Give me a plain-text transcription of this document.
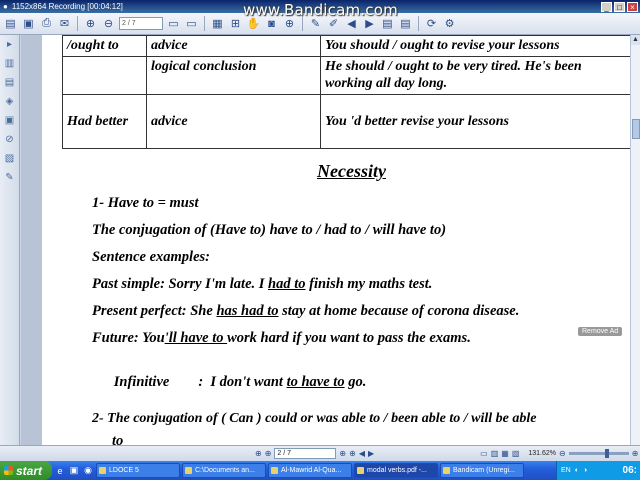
● 1152x864 Recording [00:04:12]	_	□	×
▤ ▣ ⎙ ✉ ⊕ ⊖	2 / 7	▭ ▭ ▦ ⊞ ✋ ◙ ⊕ ✎ ✐ ◀ ▶ ▤ ▤ ⟳ ⚙
www.Bandicam.com
▸
▥
▤
◈
▣
⊘
▨
✎
/ought to	advice	You should / ought to revise your lessons
	logical conclusion	He should / ought to be very tired. He's been working all day long.
Had better	advice	You 'd better revise your lessons
Necessity
1- Have to = must
The conjugation of (Have to) have to / had to / will have to)
Sentence examples:
Past simple: Sorry I'm late. I had to finish my maths test.
Present perfect: She has had to stay at home because of corona disease.
Future: You'll have to work hard if you want to pass the exams.

Infinitive        :  I don't want to have to go.

2- The conjugation of ( Can ) could or was able to / been able to / will be able
to
▲
Remove Ad
⊕ ⊕ 2 / 7	⊕ ⊕ ◀ ▶	▭ ▥ ▦ ▧ 131.62% ⊖	⊕
start	e ▣ ◉	LDOCE 5	C:\Documents an...	Al-Mawrid Al-Qua...	modal verbs.pdf -...	Bandicam (Unregi...	EN ◐ ◑	06:
